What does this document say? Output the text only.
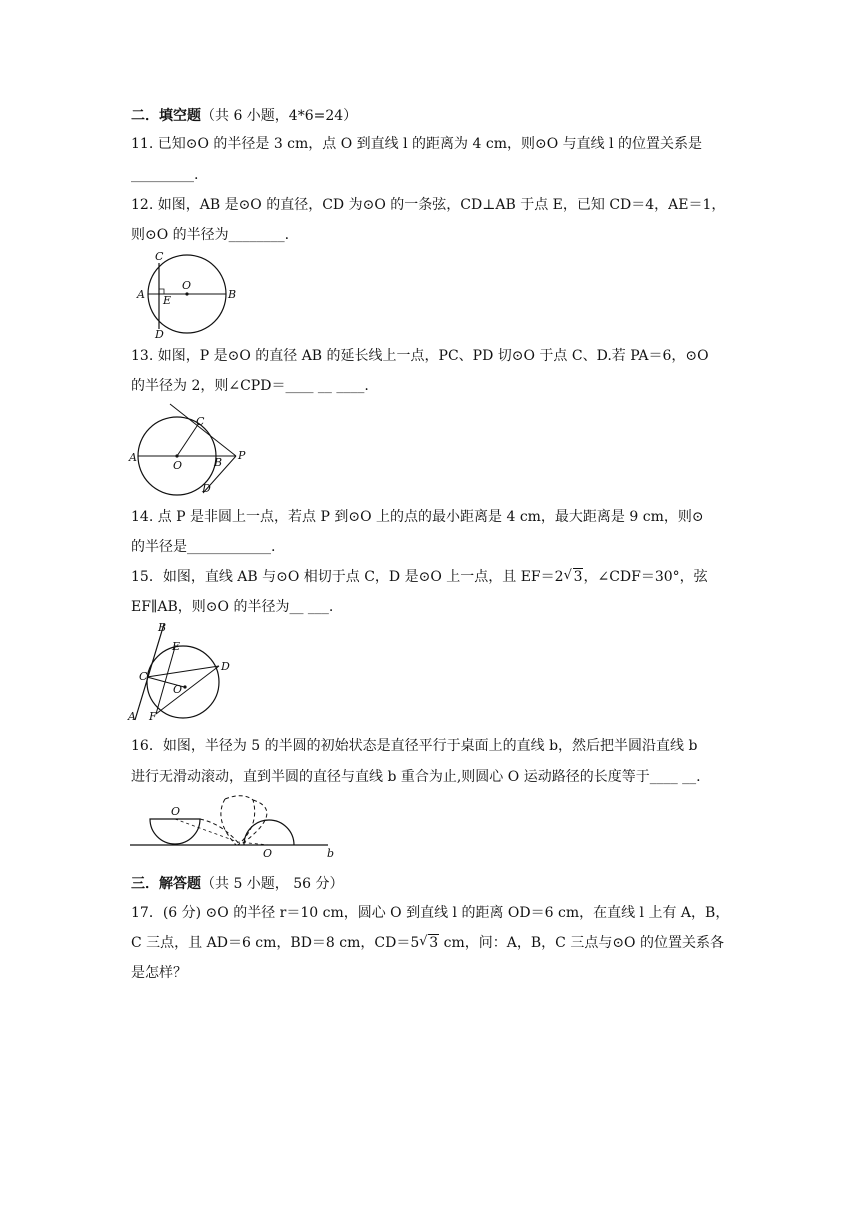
二．填空题（共 6 小题，4*6=24）
11. 已知⊙O 的半径是 3 cm，点 O 到直线 l 的距离为 4 cm，则⊙O 与直线 l 的位置关系是
_________.
12. 如图，AB 是⊙O 的直径，CD 为⊙O 的一条弦，CD⊥AB 于点 E，已知 CD＝4，AE＝1，
则⊙O 的半径为________.
C
A E
O
B
D
13. 如图，P 是⊙O 的直径 AB 的延长线上一点，PC、PD 切⊙O 于点 C、D.若 PA＝6，⊙O
的半径为 2，则∠CPD＝____ __ ____.
C
A
O	B
P
D
14. 点 P 是非圆上一点，若点 P 到⊙O 上的点的最小距离是 4 cm，最大距离是 9 cm，则⊙
的半径是____________.
15．如图，直线 AB 与⊙O 相切于点 C，D 是⊙O 上一点，且 EF＝2 √ 3，∠CDF＝30°，弦
EF∥AB，则⊙O 的半径为__ ___.
B
E
D
C
O
F
A
16．如图，半径为 5 的半圆的初始状态是直径平行于桌面上的直线 b，然后把半圆沿直线 b
进行无滑动滚动，直到半圆的直径与直线 b 重合为止,则圆心 O 运动路径的长度等于____ __.
O
O	b
三．解答题（共 5 小题， 56 分）
17．(6 分) ⊙O 的半径 r＝10 cm，圆心 O 到直线 l 的距离 OD＝6 cm，在直线 l 上有 A，B，
C 三点，且 AD＝6 cm，BD＝8 cm，CD＝5 √ 3 cm，问：A，B，C 三点与⊙O 的位置关系各
是怎样？
